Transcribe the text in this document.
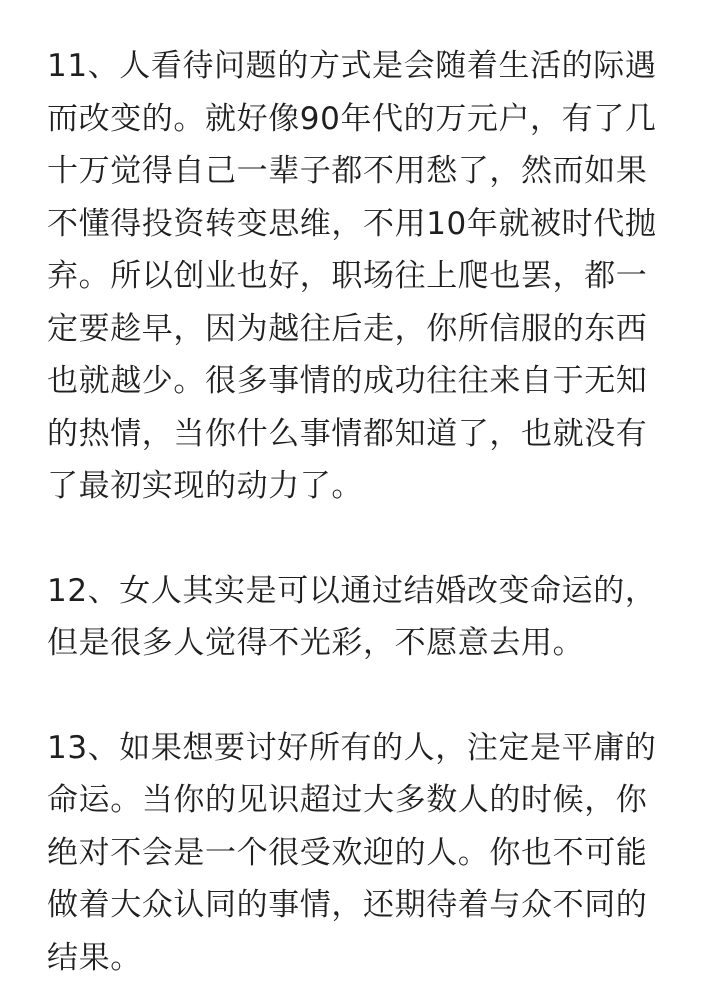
11、人看待问题的方式是会随着生活的际遇而改变的。就好像90年代的万元户，有了几十万觉得自己一辈子都不用愁了，然而如果不懂得投资转变思维，不用10年就被时代抛弃。所以创业也好，职场往上爬也罢，都一定要趁早，因为越往后走，你所信服的东西也就越少。很多事情的成功往往来自于无知的热情，当你什么事情都知道了，也就没有了最初实现的动力了。

12、女人其实是可以通过结婚改变命运的，但是很多人觉得不光彩，不愿意去用。

13、如果想要讨好所有的人，注定是平庸的命运。当你的见识超过大多数人的时候，你绝对不会是一个很受欢迎的人。你也不可能做着大众认同的事情，还期待着与众不同的结果。
